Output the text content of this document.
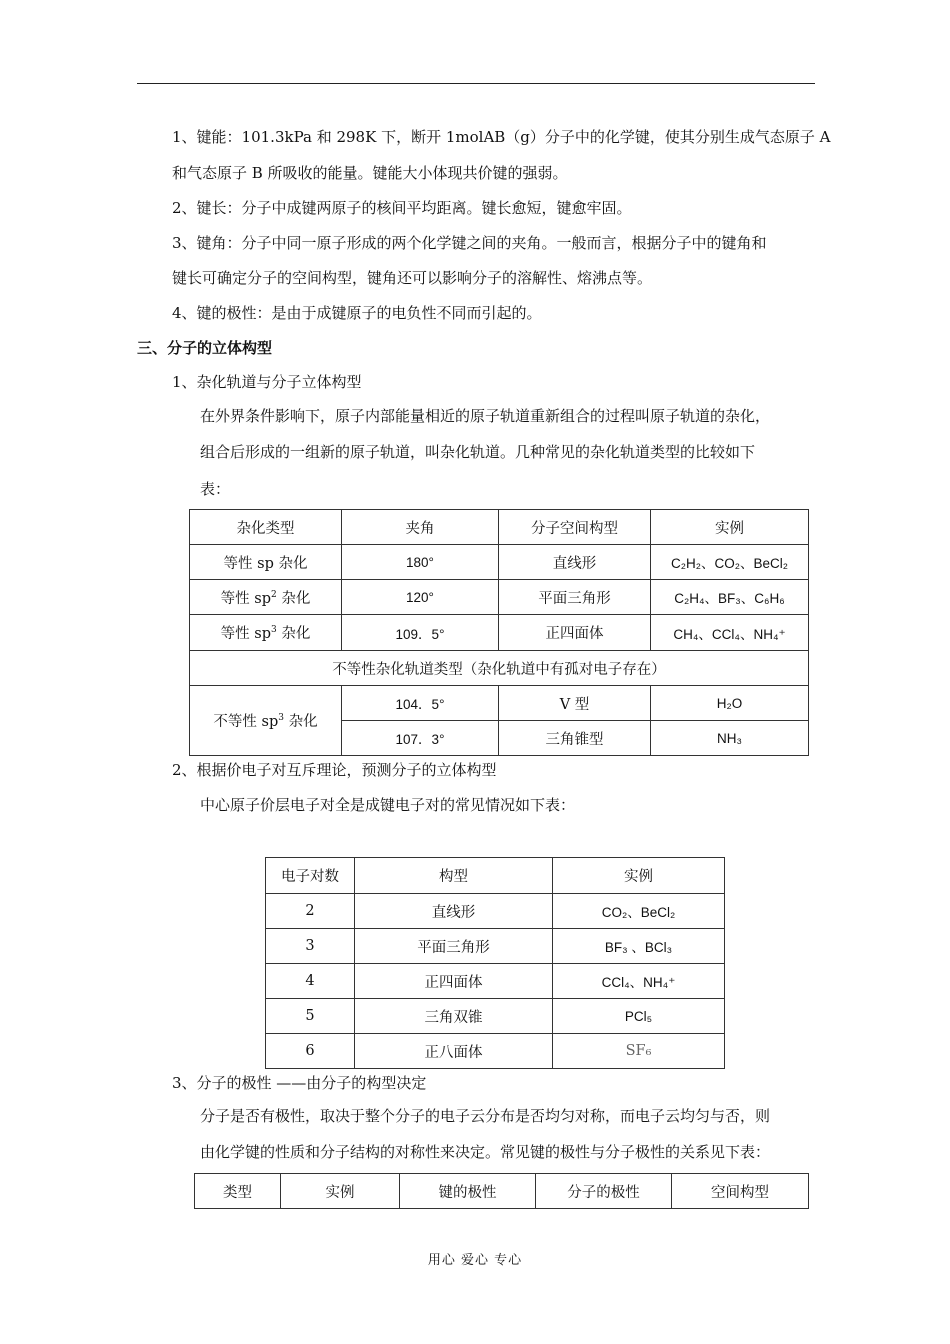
1、键能：101.3kPa 和 298K 下，断开 1molAB（g）分子中的化学键，使其分别生成气态原子 A
和气态原子 B 所吸收的能量。键能大小体现共价键的强弱。
2、键长：分子中成键两原子的核间平均距离。键长愈短，键愈牢固。
3、键角：分子中同一原子形成的两个化学键之间的夹角。一般而言，根据分子中的键角和
键长可确定分子的空间构型，键角还可以影响分子的溶解性、熔沸点等。
4、键的极性：是由于成键原子的电负性不同而引起的。
三、分子的立体构型
1、杂化轨道与分子立体构型
在外界条件影响下，原子内部能量相近的原子轨道重新组合的过程叫原子轨道的杂化，
组合后形成的一组新的原子轨道，叫杂化轨道。几种常见的杂化轨道类型的比较如下
表：
杂化类型	夹角	分子空间构型	实例
等性 sp 杂化	180°	直线形	C₂H₂、CO₂、BeCl₂
等性 $sp^2$ 杂化	120°	平面三角形	C₂H₄、BF₃、C₆H₆
等性 $sp^3$ 杂化	109．5°	正四面体	CH₄、CCl₄、NH₄⁺
不等性杂化轨道类型（杂化轨道中有孤对电子存在）			
不等性 $sp^3$ 杂化	104．5°	V 型	H₂O
	107．3°	三角锥型	NH₃
2、根据价电子对互斥理论，预测分子的立体构型
中心原子价层电子对全是成键电子对的常见情况如下表：
电子对数	构型	实例
2	直线形	CO₂、BeCl₂
3	平面三角形	BF₃ 、BCl₃
4	正四面体	CCl₄、NH₄⁺
5	三角双锥	PCl₅
6	正八面体	SF₆
3、分子的极性 ——由分子的构型决定
分子是否有极性，取决于整个分子的电子云分布是否均匀对称，而电子云均匀与否，则
由化学键的性质和分子结构的对称性来决定。常见键的极性与分子极性的关系见下表：
类型	实例	键的极性	分子的极性	空间构型
用心 爱心 专心
